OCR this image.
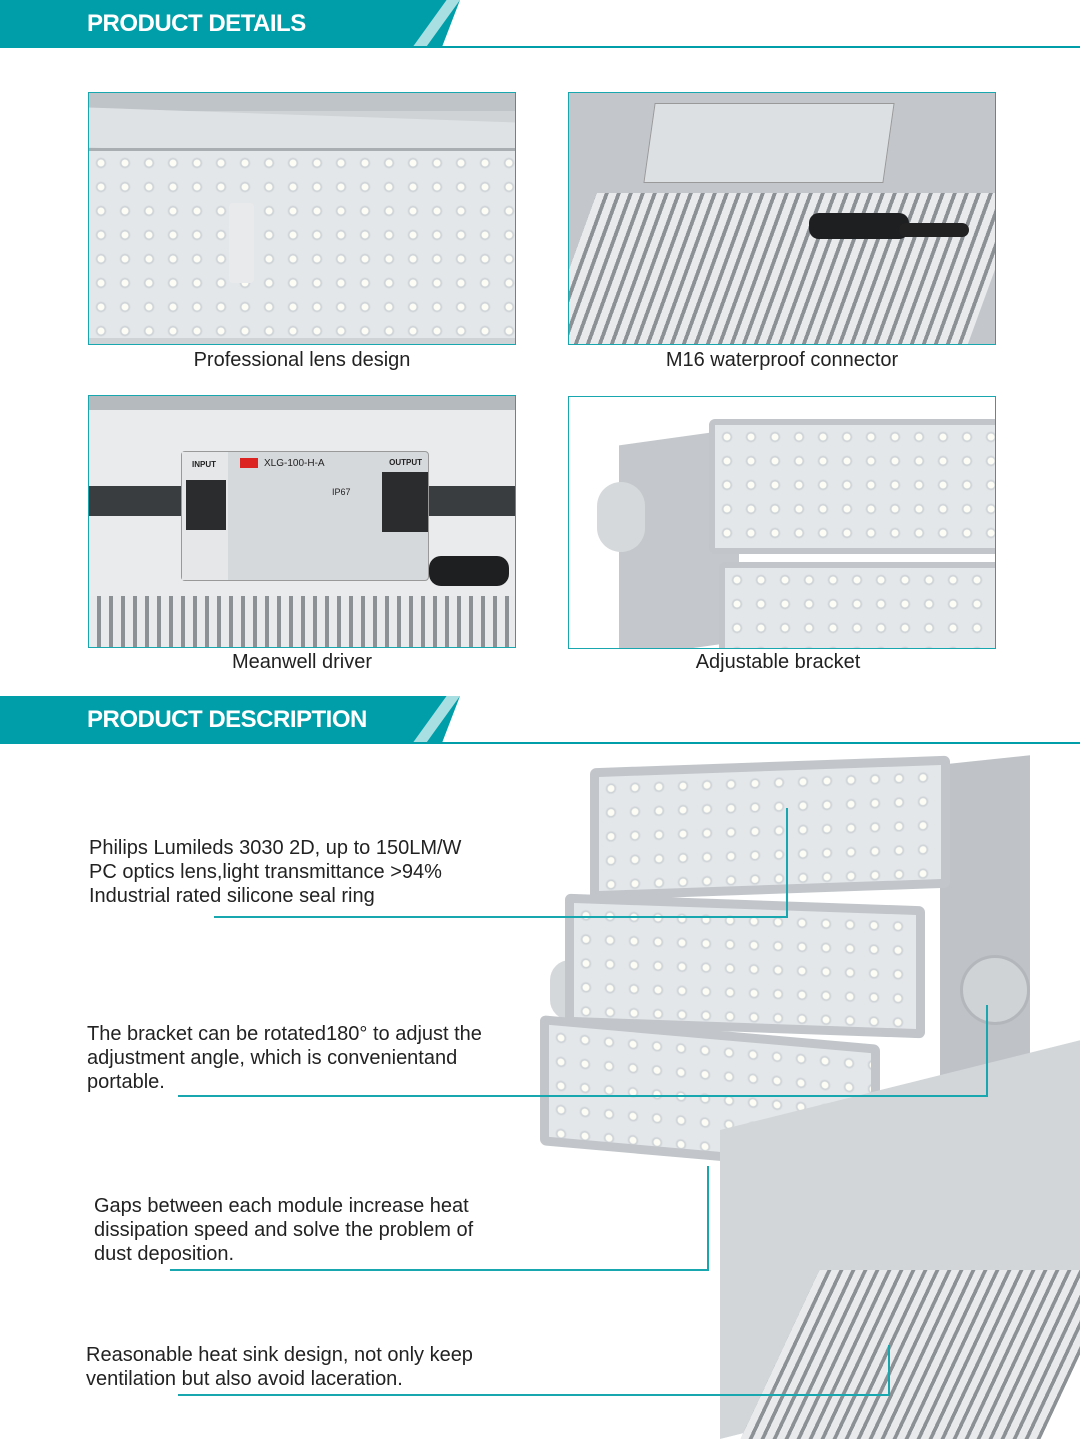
PRODUCT DETAILS
Professional lens design	M16 waterproof connector
INPUT	OUTPUT
XLG-100-H-A
IP67
Meanwell driver	Adjustable bracket
PRODUCT DESCRIPTION
Philips Lumileds 3030 2D, up to 150LM/W
PC optics lens,light transmittance >94%
Industrial rated silicone seal ring
The bracket can be rotated180° to adjust the
adjustment angle, which is convenientand
portable.
Gaps between each module increase heat
dissipation speed and solve the problem of
dust deposition.
Reasonable heat sink design, not only keep
ventilation but also avoid laceration.
